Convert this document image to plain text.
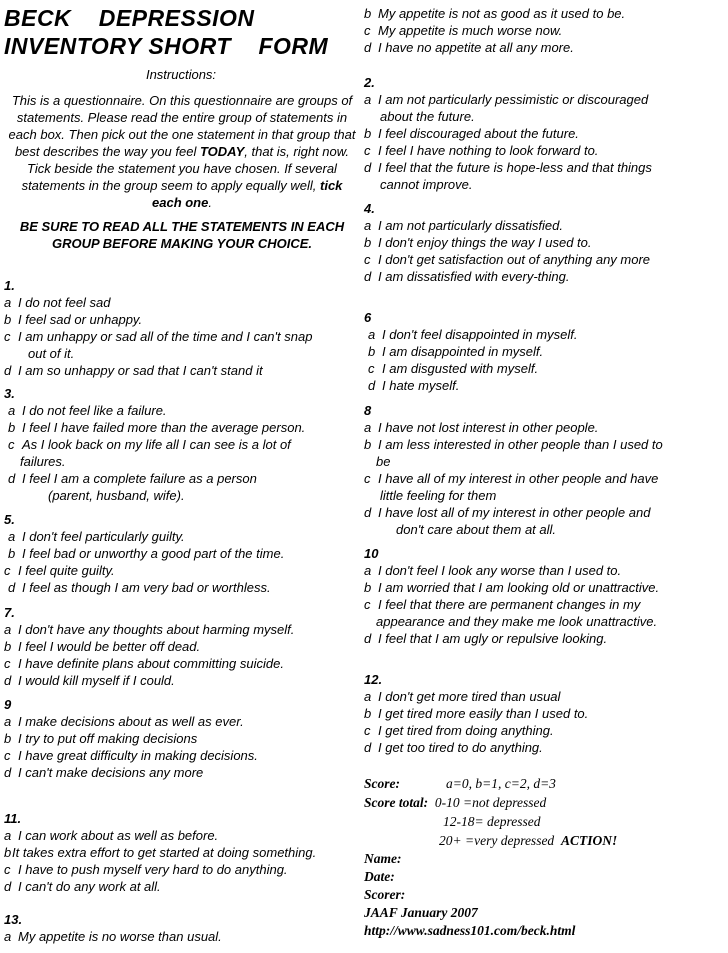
BECK    DEPRESSION
INVENTORY SHORT    FORM
Instructions:
This is a questionnaire. On this questionnaire are groups of statements. Please read the entire group of statements in each box. Then pick out the one statement in that group that best describes the way you feel TODAY, that is, right now. Tick beside the statement you have chosen. If several statements in the group seem to apply equally well, tick each one.
BE SURE TO READ ALL THE STATEMENTS IN EACH GROUP BEFORE MAKING YOUR CHOICE.
1.
a I do not feel sad
b I feel sad or unhappy.
c I am unhappy or sad all of the time and I can't snap
out of it.
d I am so unhappy or sad that I can't stand it
3.
a I do not feel like a failure.
b I feel I have failed more than the average person.
c As I look back on my life all I can see is a lot of
failures.
d I feel I am a complete failure as a person
(parent, husband, wife).
5.
a I don't feel particularly guilty.
b I feel bad or unworthy a good part of the time.
c I feel quite guilty.
d I feel as though I am very bad or worthless.
7.
a I don't have any thoughts about harming myself.
b I feel I would be better off dead.
c I have definite plans about committing suicide.
d I would kill myself if I could.
9
a I make decisions about as well as ever.
b I try to put off making decisions
c I have great difficulty in making decisions.
d I can't make decisions any more
11.
a I can work about as well as before.
bIt takes extra effort to get started at doing something.
c I have to push myself very hard to do anything.
d I can't do any work at all.
13.
a My appetite is no worse than usual.
b My appetite is not as good as it used to be.
c My appetite is much worse now.
d I have no appetite at all any more.
2.
a I am not particularly pessimistic or discouraged
about the future.
b I feel discouraged about the future.
c I feel I have nothing to look forward to.
d I feel that the future is hope-less and that things
cannot improve.
4.
a I am not particularly dissatisfied.
b I don't enjoy things the way I used to.
c I don't get satisfaction out of anything any more
d I am dissatisfied with every-thing.
6
a I don't feel disappointed in myself.
b I am disappointed in myself.
c I am disgusted with myself.
d I hate myself.
8
a I have not lost interest in other people.
b I am less interested in other people than I used to
be
c I have all of my interest in other people and have
little feeling for them
d I have lost all of my interest in other people and
don't care about them at all.
10
a I don't feel I look any worse than I used to.
b I am worried that I am looking old or unattractive.
c I feel that there are permanent changes in my
appearance and they make me look unattractive.
d I feel that I am ugly or repulsive looking.
12.
a I don't get more tired than usual
b I get tired more easily than I used to.
c I get tired from doing anything.
d I get too tired to do anything.
Score:	a=0, b=1, c=2, d=3
Score total: 0-10 =not depressed
12-18= depressed
20+ =very depressed ACTION!
Name:
Date:
Scorer:
JAAF January 2007
http://www.sadness101.com/beck.html
